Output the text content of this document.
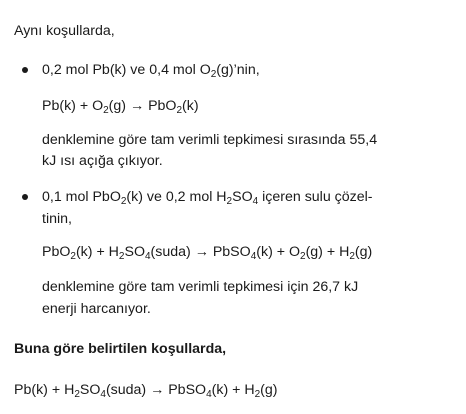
Aynı koşullarda,
0,2 mol Pb(k) ve 0,4 mol $O_2(g)’nin$,
$Pb(k) + O_2(g) \to PbO_2(k)$
denklemine göre tam verimli tepkimesi sırasında 55,4
kJ ısı açığa çıkıyor.
0,1 mol PbO$_2$(k) ve 0,2 mol $H_2SO_4$ içeren sulu çözel-
tinin,
$PbO_2(k) + H_2SO_4(suda)$ → PbSO$_4$(k) + $O_2(g) + H_2(g)$
denklemine göre tam verimli tepkimesi için 26,7 kJ
enerji harcanıyor.
Buna göre belirtilen koşullarda,
$Pb(k) + H_2SO_4(suda)$ → PbSO$_4$(k) + $H_2(g)$
